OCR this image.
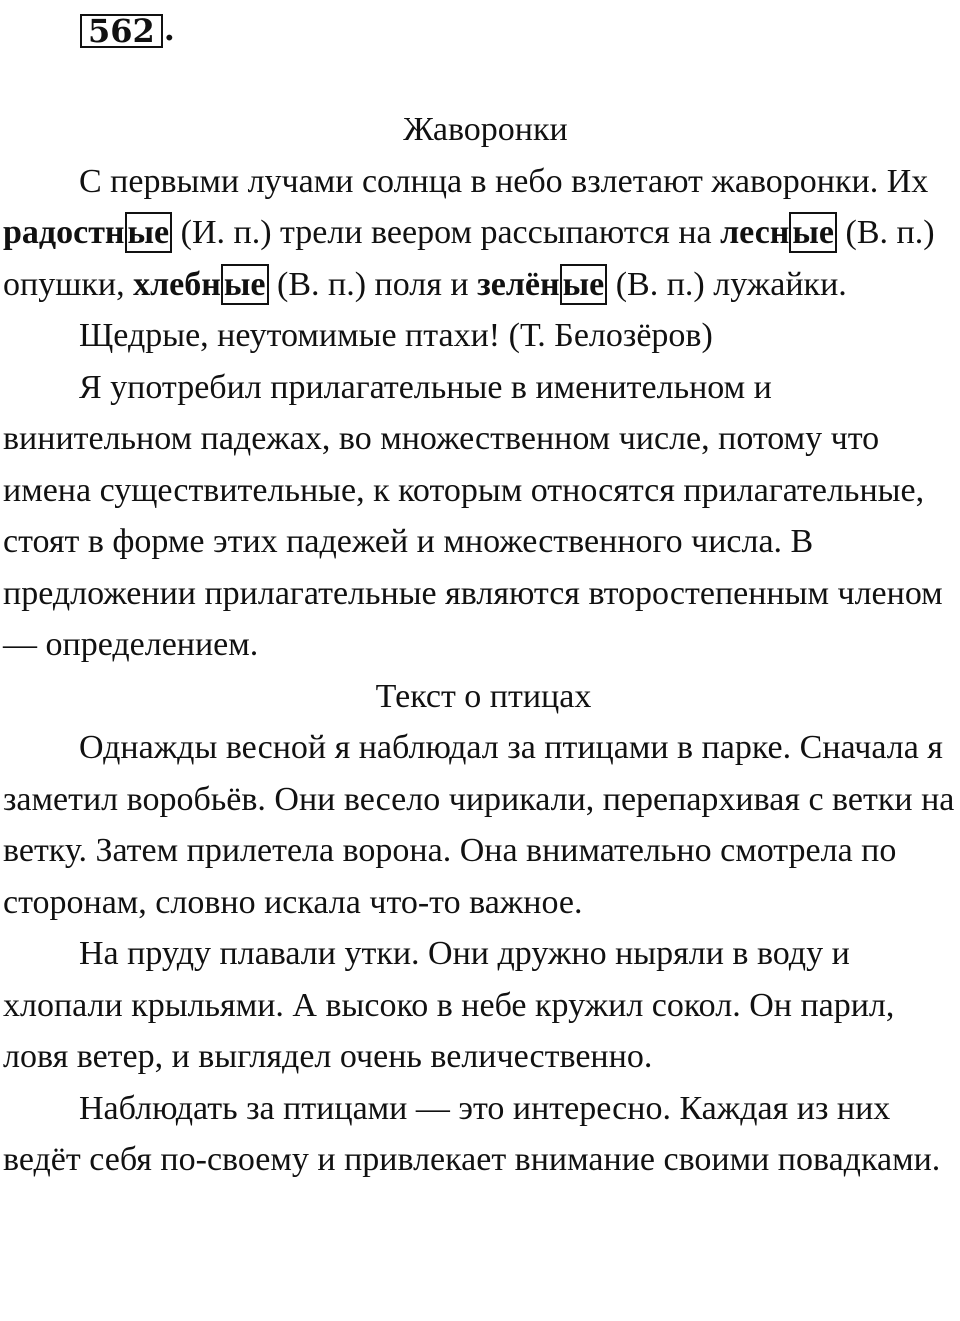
562 .

Жаворонки

С первыми лучами солнца в небо взлетают жаворонки. Их радостные (И. п.) трели веером рассыпаются на лесные (В. п.) опушки, хлебные (В. п.) поля и зелёные (В. п.) лужайки.

Щедрые, неутомимые птахи! (Т. Белозёров)

Я употребил прилагательные в именительном и винительном падежах, во множественном числе, потому что имена существительные, к которым относятся прилагательные, стоят в форме этих падежей и множественного числа. В предложении прилагательные являются второстепенным членом — определением.

Текст о птицах

Однажды весной я наблюдал за птицами в парке. Сначала я заметил воробьёв. Они весело чирикали, перепархивая с ветки на ветку. Затем прилетела ворона. Она внимательно смотрела по сторонам, словно искала что-то важное.

На пруду плавали утки. Они дружно ныряли в воду и хлопали крыльями. А высоко в небе кружил сокол. Он парил, ловя ветер, и выглядел очень величественно.

Наблюдать за птицами — это интересно. Каждая из них ведёт себя по-своему и привлекает внимание своими повадками.
